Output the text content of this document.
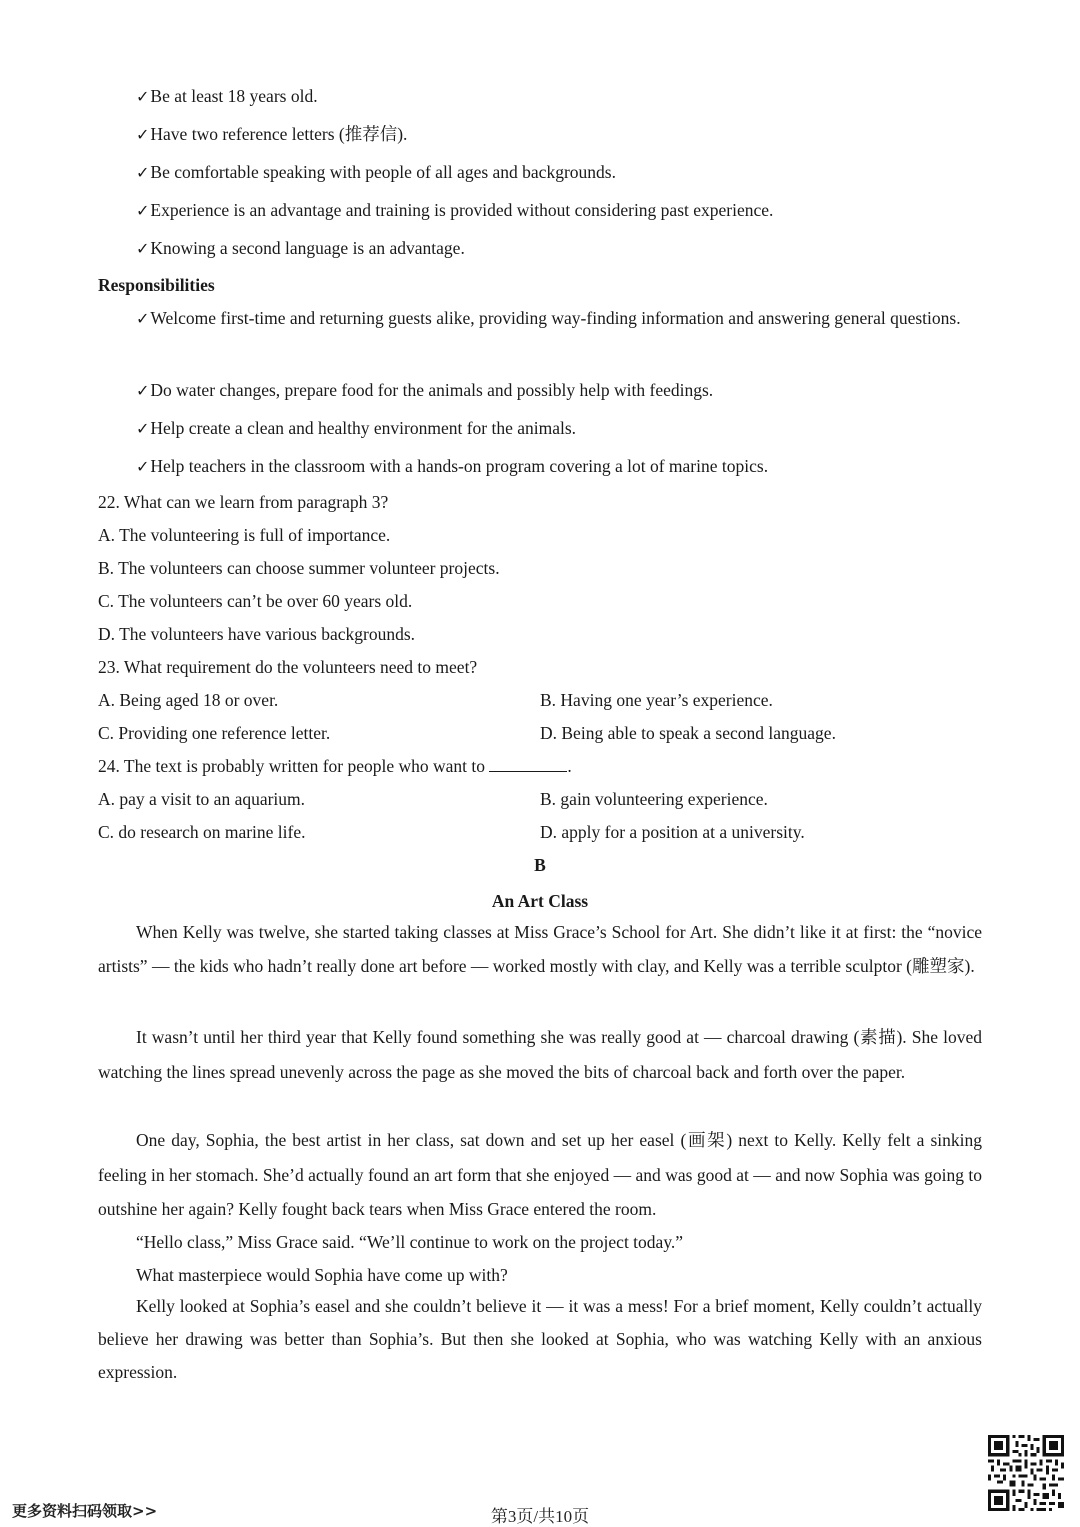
✓Be at least 18 years old.
✓Have two reference letters (推荐信).
✓Be comfortable speaking with people of all ages and backgrounds.
✓Experience is an advantage and training is provided without considering past experience.
✓Knowing a second language is an advantage.
Responsibilities
✓Welcome first-time and returning guests alike, providing way-finding information and answering general questions.
✓Do water changes, prepare food for the animals and possibly help with feedings.
✓Help create a clean and healthy environment for the animals.
✓Help teachers in the classroom with a hands-on program covering a lot of marine topics.
22. What can we learn from paragraph 3?
A. The volunteering is full of importance.
B. The volunteers can choose summer volunteer projects.
C. The volunteers can’t be over 60 years old.
D. The volunteers have various backgrounds.
23. What requirement do the volunteers need to meet?
A. Being aged 18 or over.	B. Having one year’s experience.
C. Providing one reference letter.	D. Being able to speak a second language.
24. The text is probably written for people who want to	.
A. pay a visit to an aquarium.	B. gain volunteering experience.
C. do research on marine life.	D. apply for a position at a university.
B
An Art Class
When Kelly was twelve, she started taking classes at Miss Grace’s School for Art. She didn’t like it at first: the “novice artists” — the kids who hadn’t really done art before — worked mostly with clay, and Kelly was a terrible sculptor (雕塑家).
It wasn’t until her third year that Kelly found something she was really good at — charcoal drawing (素描). She loved watching the lines spread unevenly across the page as she moved the bits of charcoal back and forth over the paper.
One day, Sophia, the best artist in her class, sat down and set up her easel (画架) next to Kelly. Kelly felt a sinking feeling in her stomach. She’d actually found an art form that she enjoyed — and was good at — and now Sophia was going to outshine her again? Kelly fought back tears when Miss Grace entered the room.
“Hello class,” Miss Grace said. “We’ll continue to work on the project today.”
What masterpiece would Sophia have come up with?
Kelly looked at Sophia’s easel and she couldn’t believe it — it was a mess! For a brief moment, Kelly couldn’t actually believe her drawing was better than Sophia’s. But then she looked at Sophia, who was watching Kelly with an anxious expression.
更多资料扫码领取>>	第3页/共10页
